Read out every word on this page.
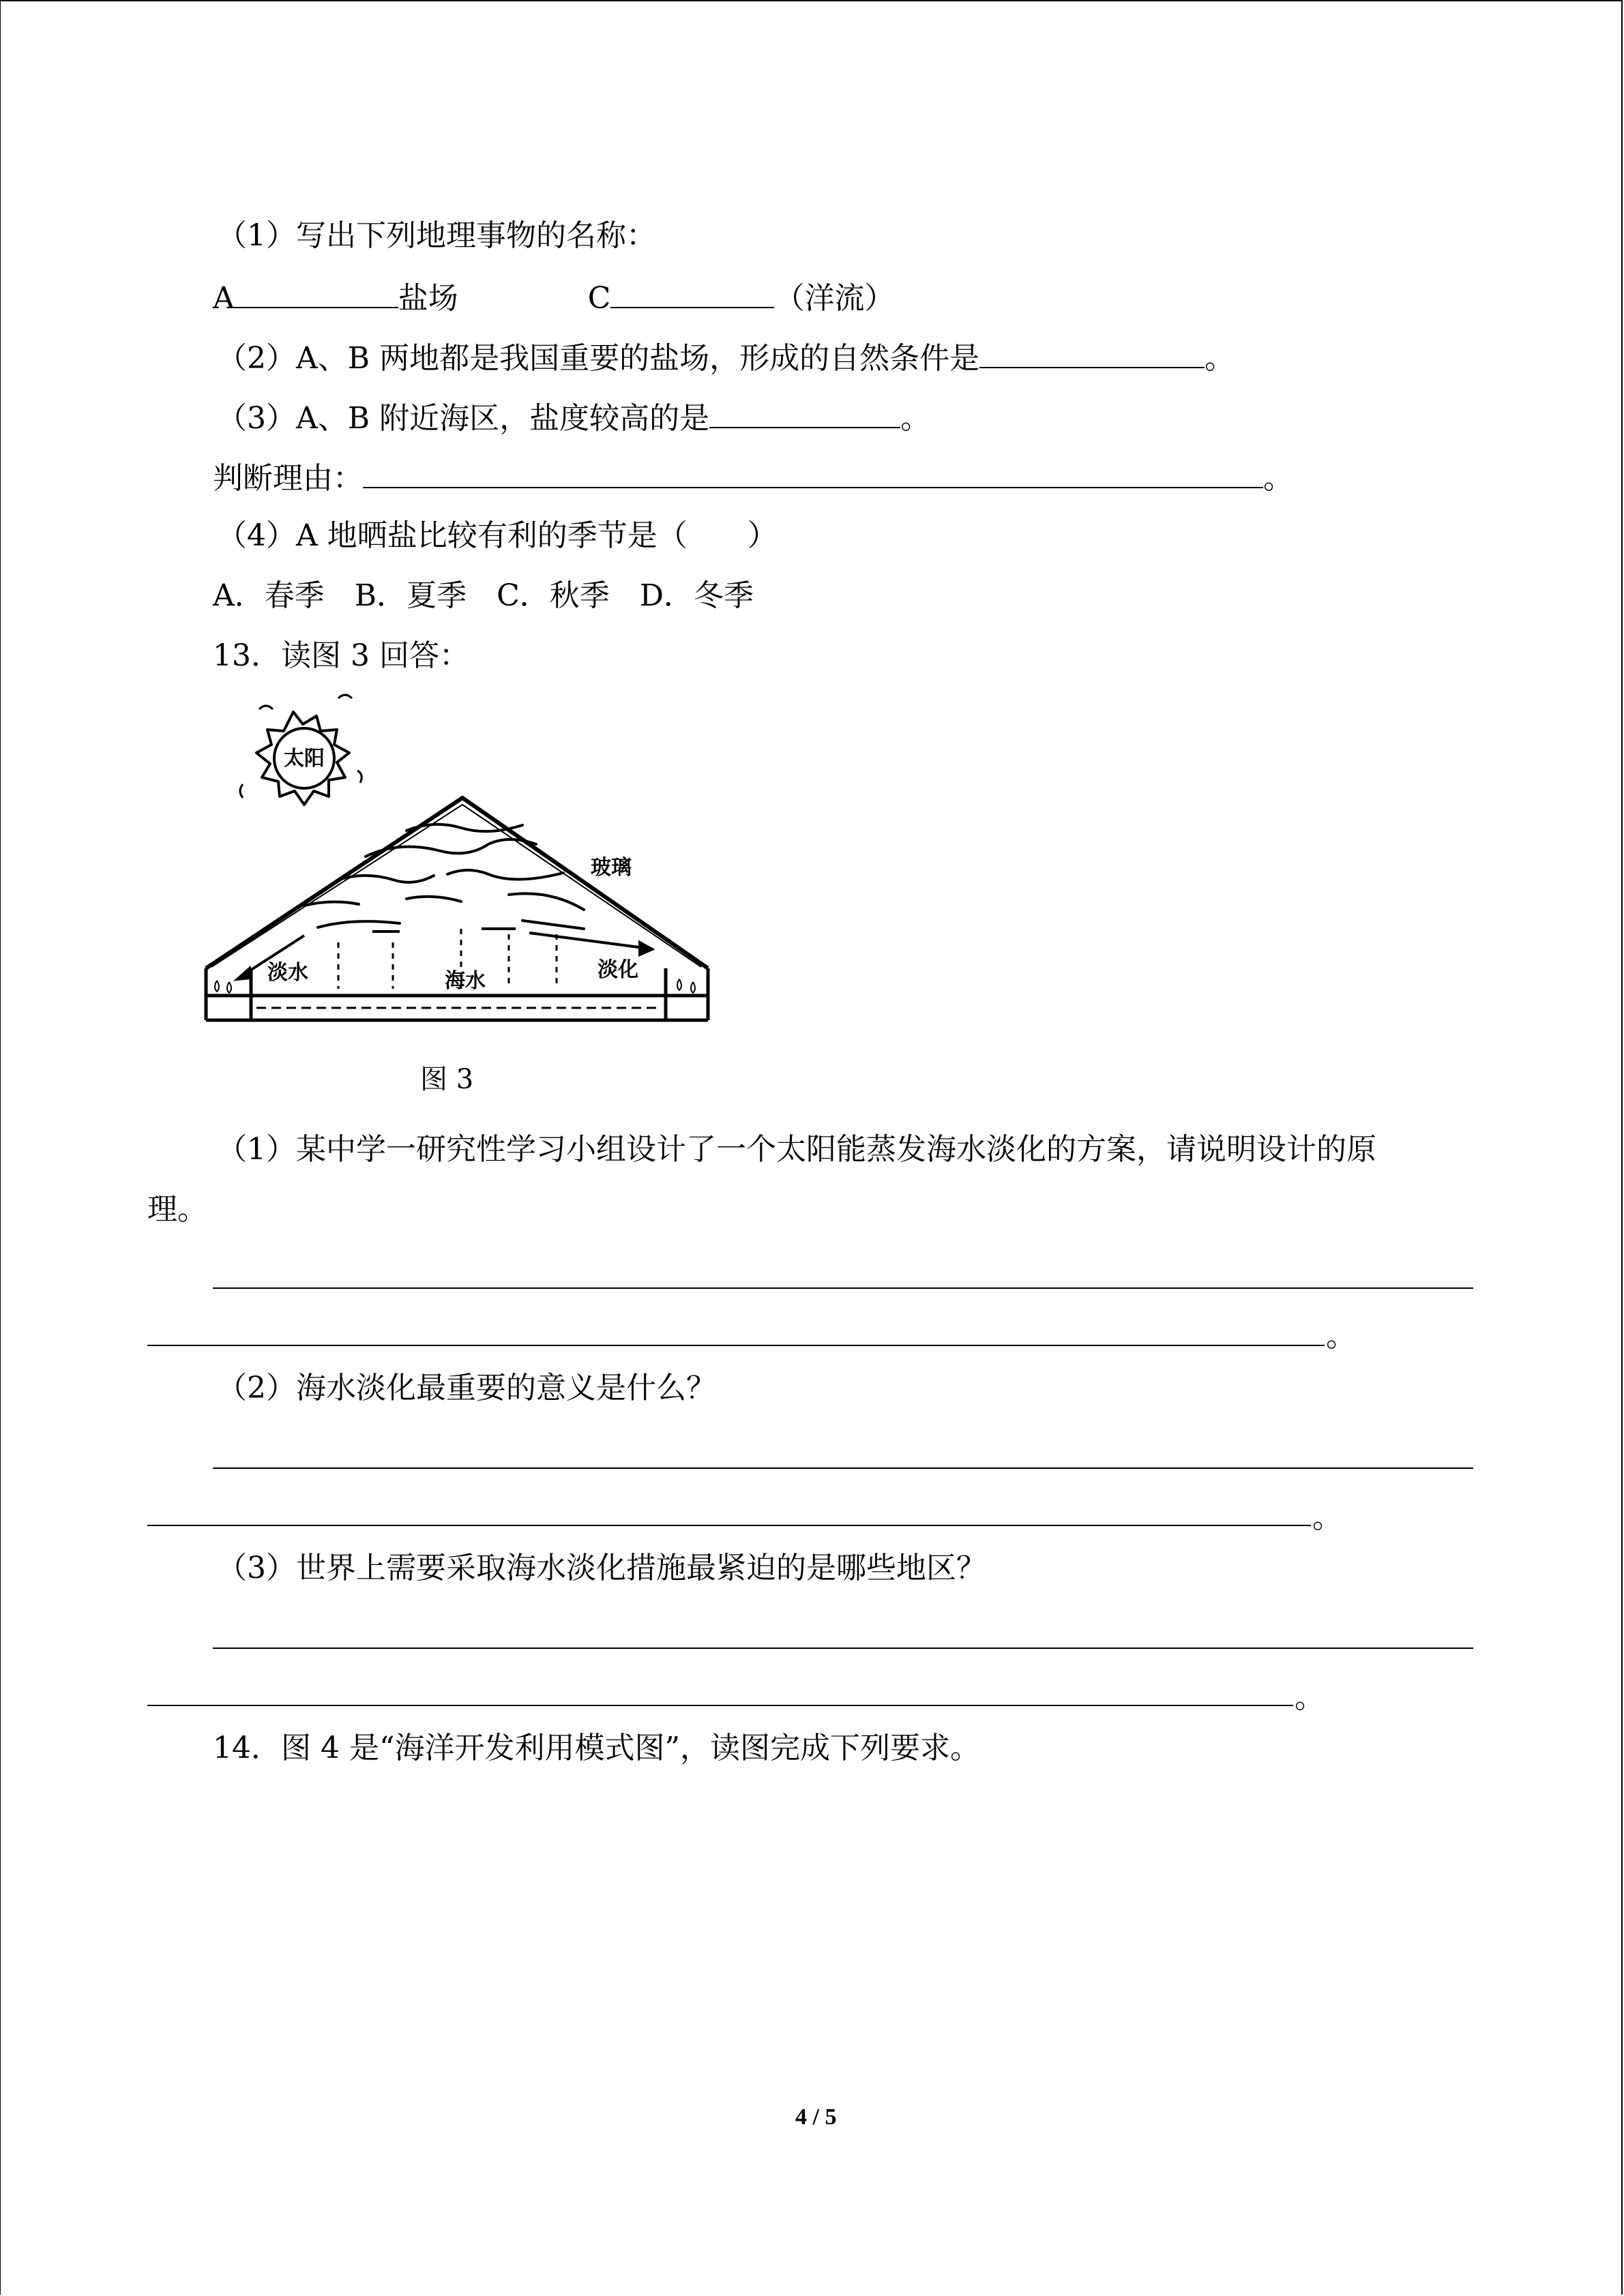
（1）写出下列地理事物的名称：
A	盐场	C	（洋流）
（2）A、B 两地都是我国重要的盐场，形成的自然条件是	。
（3）A、B 附近海区，盐度较高的是	。
判断理由：	。
（4）A 地晒盐比较有利的季节是（　　）
A．春季　B．夏季　C．秋季　D．冬季
13．读图 3 回答：
太阳
玻璃
淡水	海水	淡化
图 3
（1）某中学一研究性学习小组设计了一个太阳能蒸发海水淡化的方案，请说明设计的原
理。
。
（2）海水淡化最重要的意义是什么？
。
（3）世界上需要采取海水淡化措施最紧迫的是哪些地区？
。
14．图 4 是“海洋开发利用模式图”，读图完成下列要求。
4 / 5
